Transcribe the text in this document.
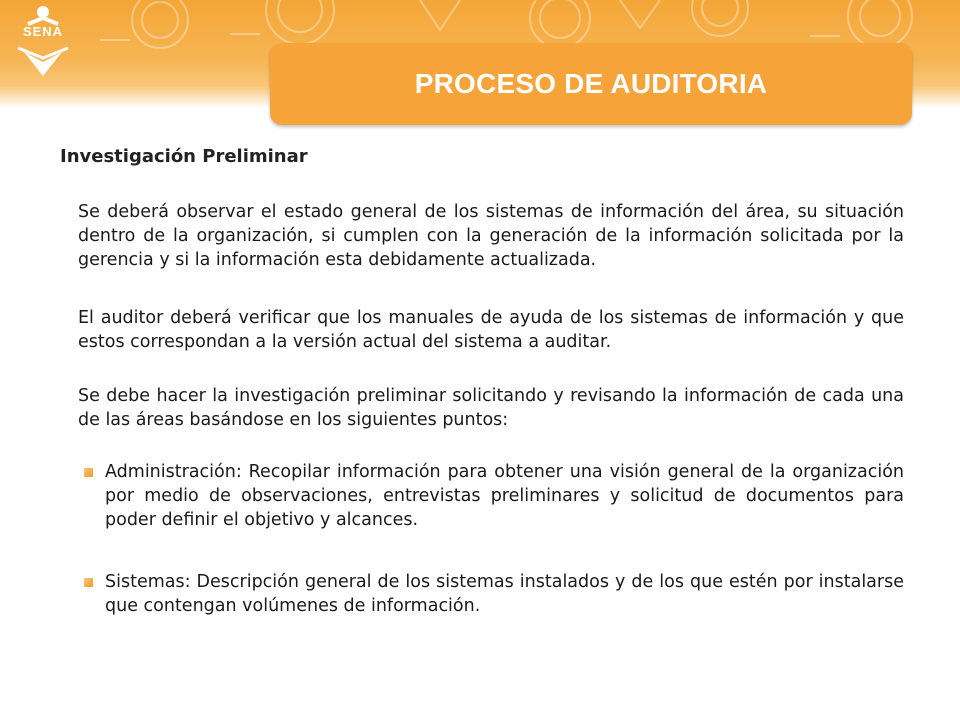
SENA
PROCESO DE AUDITORIA
Investigación Preliminar
Se deberá observar el estado general de los sistemas de información del área, su situación dentro de la organización, si cumplen con la generación de la información solicitada por la gerencia y si la información esta debidamente actualizada.
El auditor deberá verificar que los manuales de ayuda de los sistemas de información y que estos correspondan a la versión actual del sistema a auditar.
Se debe hacer la investigación preliminar solicitando y revisando la información de cada una de las áreas basándose en los siguientes puntos:
Administración: Recopilar información para obtener una visión general de la organización por medio de observaciones, entrevistas preliminares y solicitud de documentos para poder definir el objetivo y alcances.
Sistemas: Descripción general de los sistemas instalados y de los que estén por instalarse que contengan volúmenes de información.
